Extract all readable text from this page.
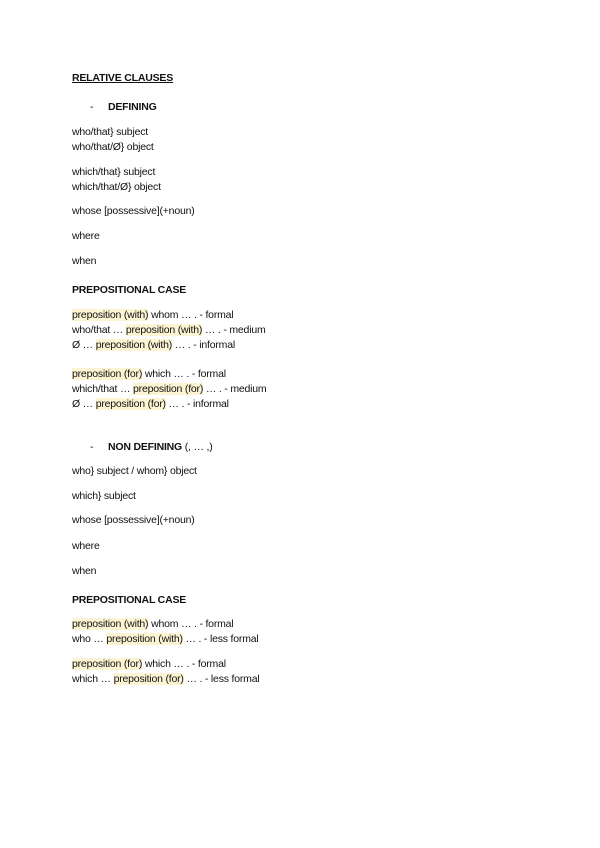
RELATIVE CLAUSES
- DEFINING
who/that} subject
who/that/Ø} object
which/that} subject
which/that/Ø} object
whose [possessive](+noun)
where
when
PREPOSITIONAL CASE
preposition (with) whom … . - formal
who/that … preposition (with) … . - medium
Ø … preposition (with) … . - informal
preposition (for) which … . - formal
which/that … preposition (for) … . - medium
Ø … preposition (for) … . - informal
- NON DEFINING (, … ,)
who} subject / whom} object
which} subject
whose [possessive](+noun)
where
when
PREPOSITIONAL CASE
preposition (with) whom … . - formal
who … preposition (with) … . - less formal
preposition (for) which … . - formal
which … preposition (for) … . - less formal
